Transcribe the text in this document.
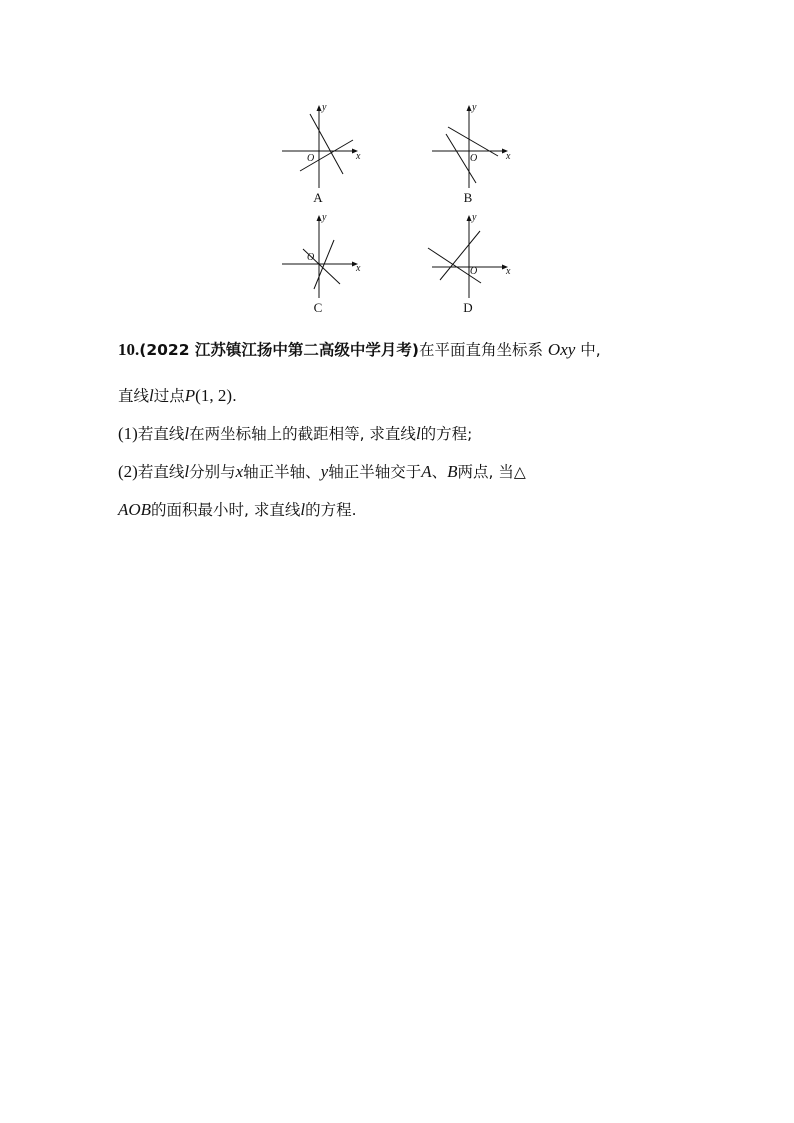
y
x
O
A
y
x
O
B
y
x
O
C
y
x
O
D
10.(2022 江苏镇江扬中第二高级中学月考)在平面直角坐标系 Oxy 中,
直线l过点P(1, 2).
(1)若直线l在两坐标轴上的截距相等, 求直线l的方程;
(2)若直线l分别与x轴正半轴、y轴正半轴交于A、B两点, 当△
AOB的面积最小时, 求直线l的方程.
